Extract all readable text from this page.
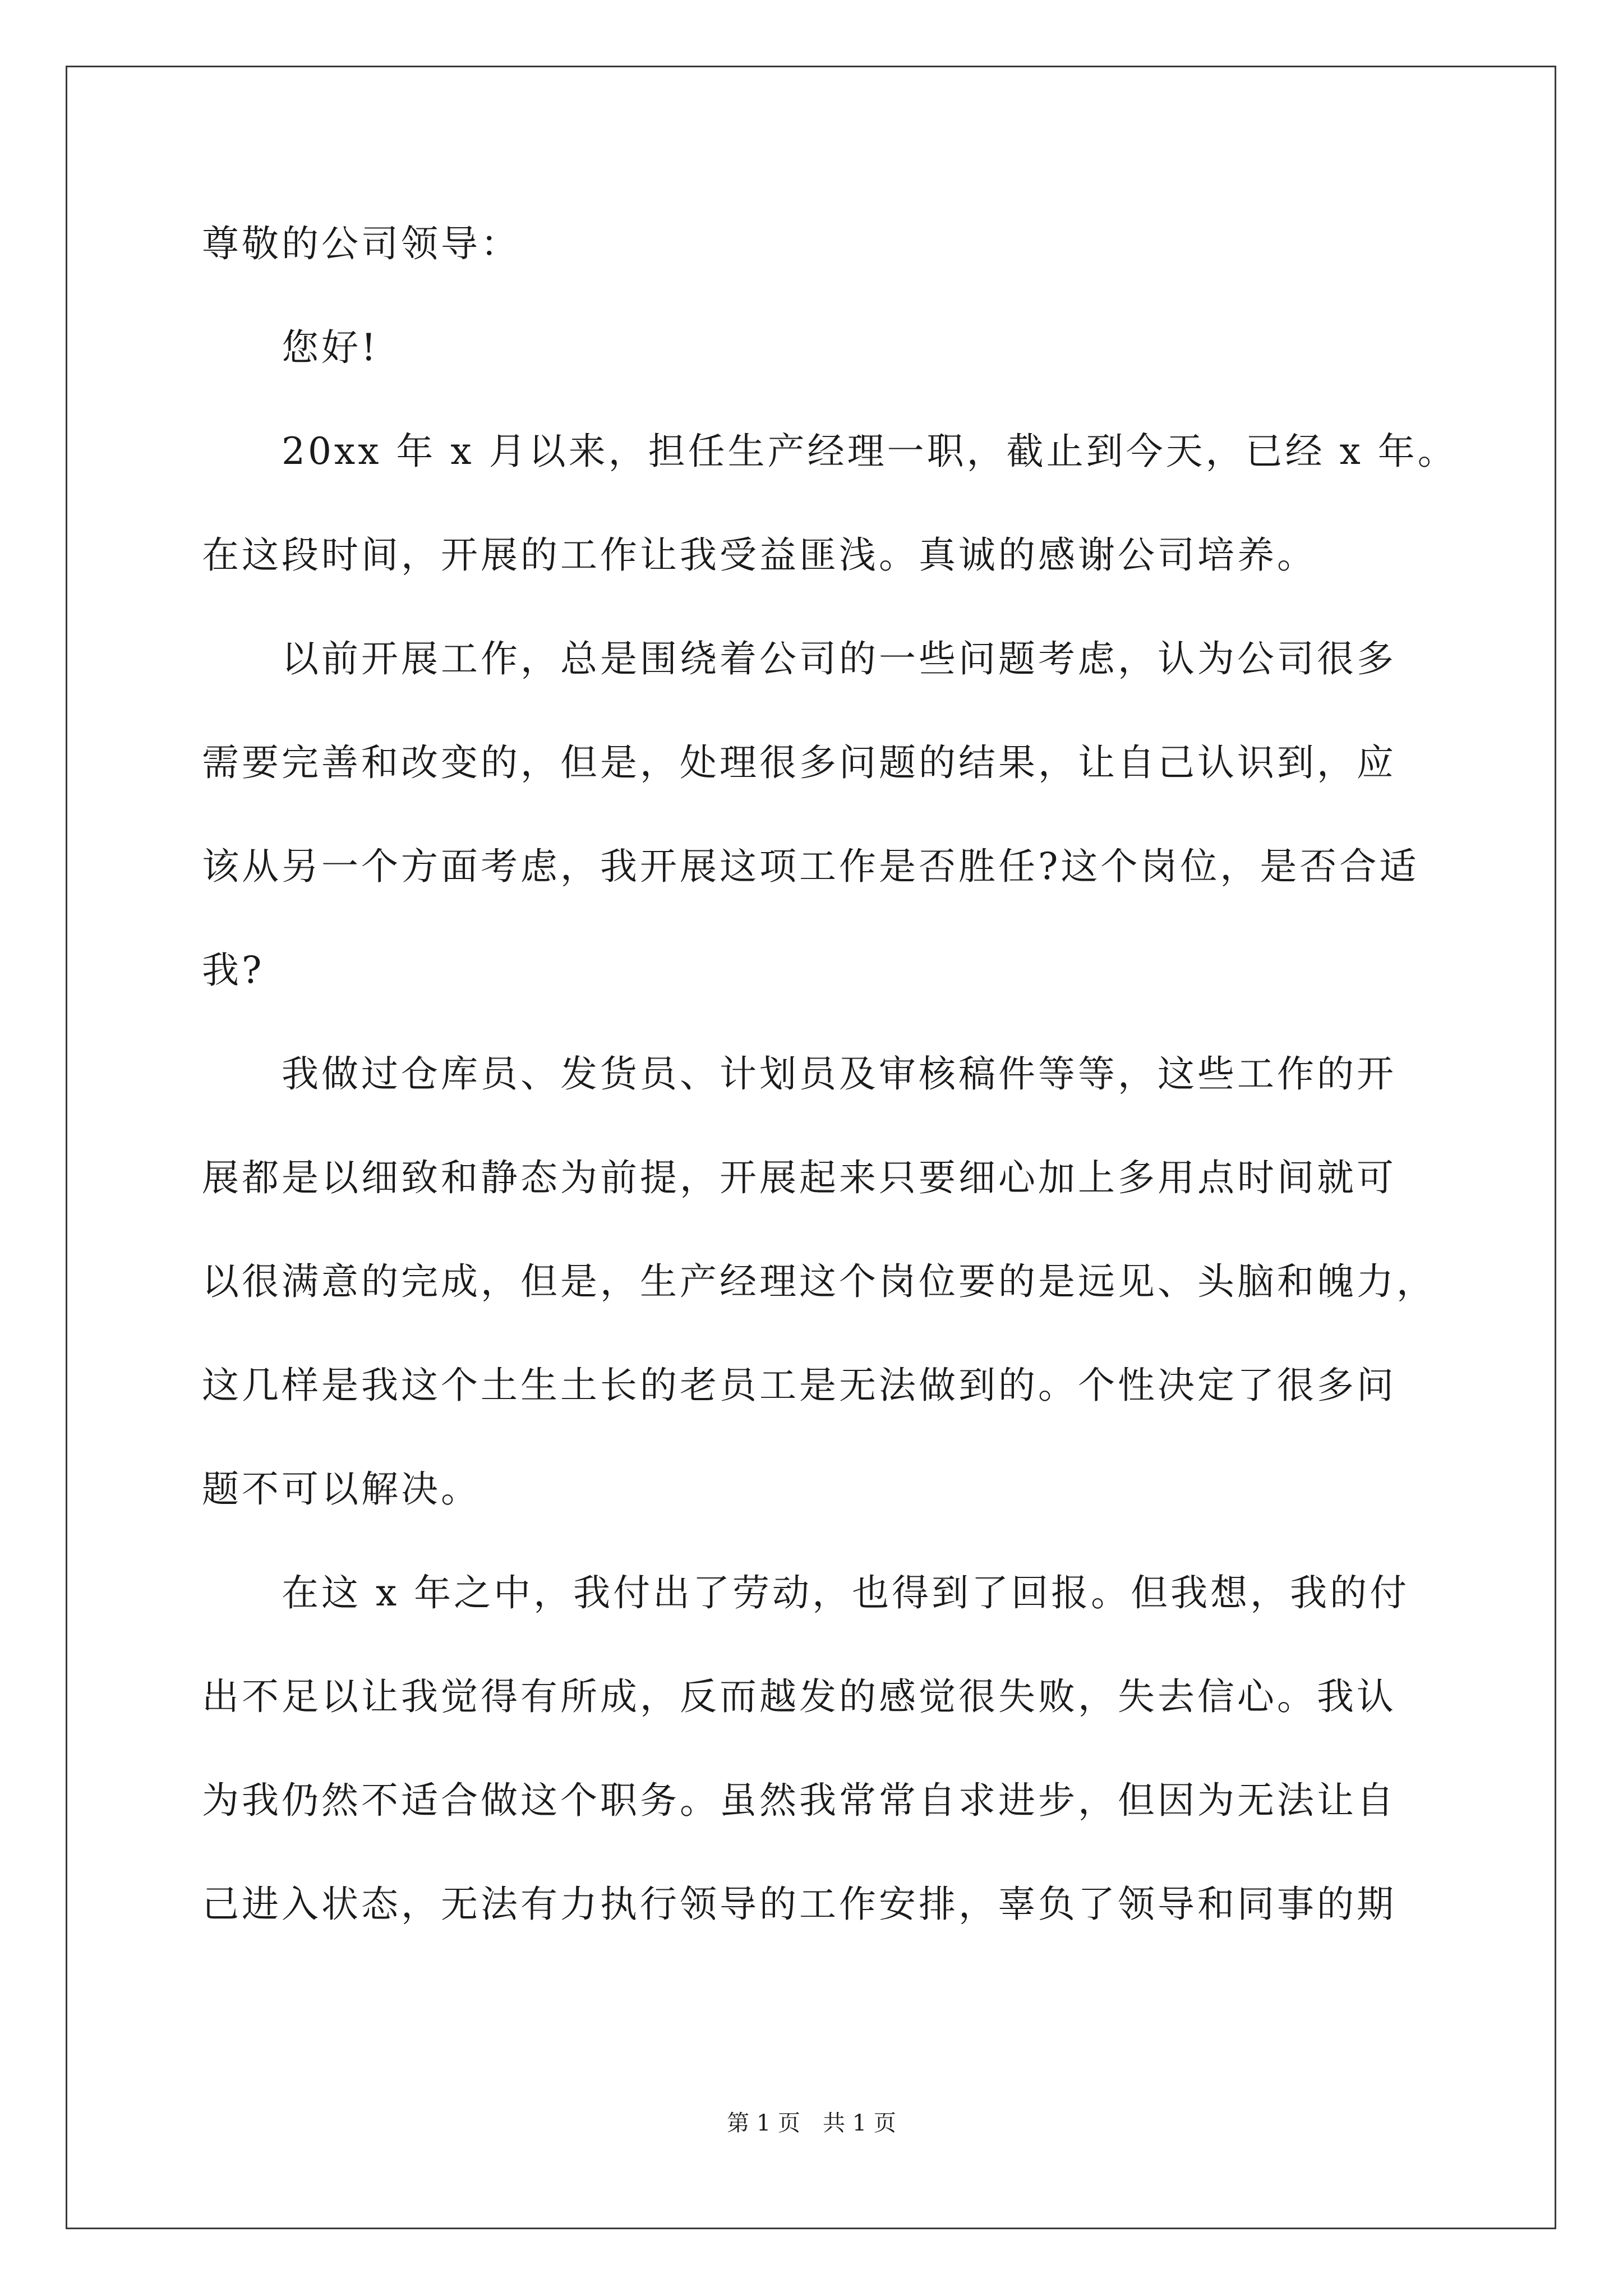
尊敬的公司领导：
您好!
20xx 年 x 月以来，担任生产经理一职，截止到今天，已经 x 年。
在这段时间，开展的工作让我受益匪浅。真诚的感谢公司培养。
以前开展工作，总是围绕着公司的一些问题考虑，认为公司很多
需要完善和改变的，但是，处理很多问题的结果，让自己认识到，应
该从另一个方面考虑，我开展这项工作是否胜任?这个岗位，是否合适
我?
我做过仓库员、发货员、计划员及审核稿件等等，这些工作的开
展都是以细致和静态为前提，开展起来只要细心加上多用点时间就可
以很满意的完成，但是，生产经理这个岗位要的是远见、头脑和魄力，
这几样是我这个土生土长的老员工是无法做到的。个性决定了很多问
题不可以解决。
在这 x 年之中，我付出了劳动，也得到了回报。但我想，我的付
出不足以让我觉得有所成，反而越发的感觉很失败，失去信心。我认
为我仍然不适合做这个职务。虽然我常常自求进步，但因为无法让自
己进入状态，无法有力执行领导的工作安排，辜负了领导和同事的期
第 1 页 共 1 页
